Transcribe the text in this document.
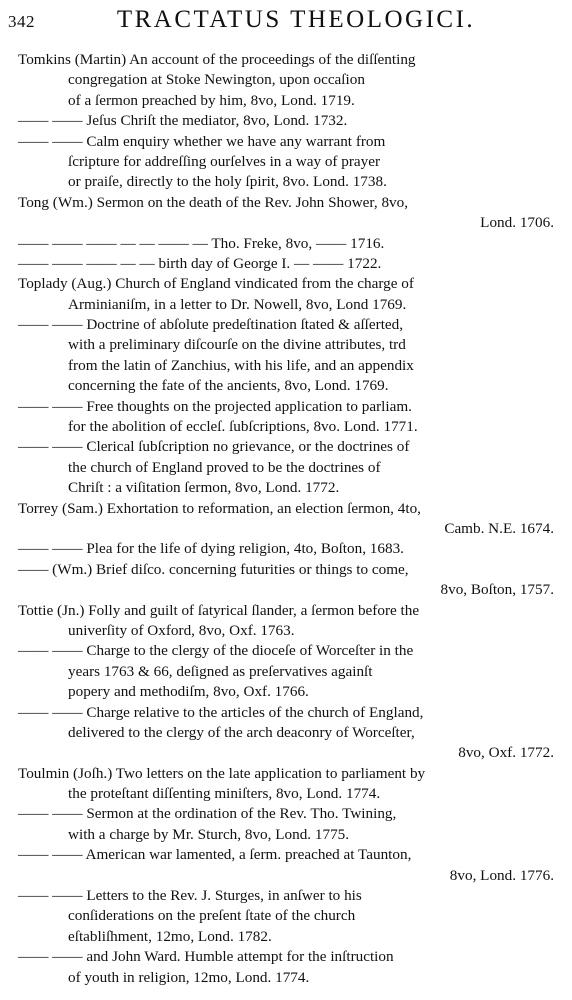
342	TRACTATUS THEOLOGICI.
Tomkins (Martin) An account of the proceedings of the diſſenting
congregation at Stoke Newington, upon occaſion
of a ſermon preached by him, 8vo, Lond. 1719.
—— —— Jeſus Chriſt the mediator, 8vo, Lond. 1732.
—— —— Calm enquiry whether we have any warrant from
ſcripture for addreſſing ourſelves in a way of prayer
or praiſe, directly to the holy ſpirit, 8vo. Lond. 1738.
Tong (Wm.) Sermon on the death of the Rev. John Shower, 8vo,
Lond. 1706.
—— —— —— — — —— — Tho. Freke, 8vo, —— 1716.
—— —— —— — — birth day of George I. — —— 1722.
Toplady (Aug.) Church of England vindicated from the charge of
Arminianiſm, in a letter to Dr. Nowell, 8vo, Lond 1769.
—— —— Doctrine of abſolute predeſtination ſtated & aſſerted,
with a preliminary diſcourſe on the divine attributes, trd
from the latin of Zanchius, with his life, and an appendix
concerning the fate of the ancients, 8vo, Lond. 1769.
—— —— Free thoughts on the projected application to parliam.
for the abolition of eccleſ. ſubſcriptions, 8vo. Lond. 1771.
—— —— Clerical ſubſcription no grievance, or the doctrines of
the church of England proved to be the doctrines of
Chriſt : a viſitation ſermon, 8vo, Lond. 1772.
Torrey (Sam.) Exhortation to reformation, an election ſermon, 4to,
Camb. N.E. 1674.
—— —— Plea for the life of dying religion, 4to, Boſton, 1683.
—— (Wm.) Brief diſco. concerning futurities or things to come,
8vo, Boſton, 1757.
Tottie (Jn.) Folly and guilt of ſatyrical ſlander, a ſermon before the
univerſity of Oxford, 8vo, Oxf. 1763.
—— —— Charge to the clergy of the dioceſe of Worceſter in the
years 1763 & 66, deſigned as preſervatives againſt
popery and methodiſm, 8vo, Oxf. 1766.
—— —— Charge relative to the articles of the church of England,
delivered to the clergy of the arch deaconry of Worceſter,
8vo, Oxf. 1772.
Toulmin (Joſh.) Two letters on the late application to parliament by
the proteſtant diſſenting miniſters, 8vo, Lond. 1774.
—— —— Sermon at the ordination of the Rev. Tho. Twining,
with a charge by Mr. Sturch, 8vo, Lond. 1775.
—— —— American war lamented, a ſerm. preached at Taunton,
8vo, Lond. 1776.
—— —— Letters to the Rev. J. Sturges, in anſwer to his
conſiderations on the preſent ſtate of the church
eſtabliſhment, 12mo, Lond. 1782.
—— —— and John Ward. Humble attempt for the inſtruction
of youth in religion, 12mo, Lond. 1774.
